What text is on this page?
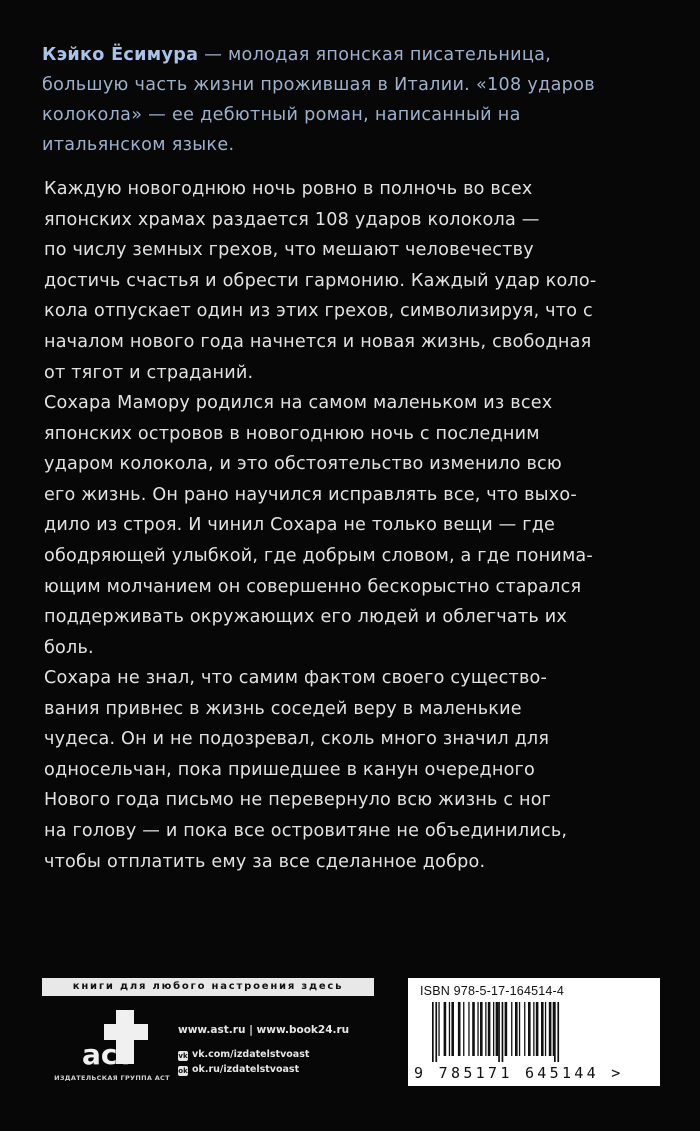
Кэйко Ёсимура — молодая японская писательница,
большую часть жизни прожившая в Италии. «108 ударов
колокола» — ее дебютный роман, написанный на
итальянском языке.
Каждую новогоднюю ночь ровно в полночь во всех
японских храмах раздается 108 ударов колокола —
по числу земных грехов, что мешают человечеству
достичь счастья и обрести гармонию. Каждый удар коло-
кола отпускает один из этих грехов, символизируя, что с
началом нового года начнется и новая жизнь, свободная
от тягот и страданий.
Сохара Мамору родился на самом маленьком из всех
японских островов в новогоднюю ночь с последним
ударом колокола, и это обстоятельство изменило всю
его жизнь. Он рано научился исправлять все, что выхо-
дило из строя. И чинил Сохара не только вещи — где
ободряющей улыбкой, где добрым словом, а где понима-
ющим молчанием он совершенно бескорыстно старался
поддерживать окружающих его людей и облегчать их
боль.
Сохара не знал, что самим фактом своего существо-
вания привнес в жизнь соседей веру в маленькие
чудеса. Он и не подозревал, сколь много значил для
односельчан, пока пришедшее в канун очередного
Нового года письмо не перевернуло всю жизнь с ног
на голову — и пока все островитяне не объединились,
чтобы отплатить ему за все сделанное добро.
книги для любого настроения здесь
аст
ИЗДАТЕЛЬСКАЯ ГРУППА АСТ
www.ast.ru | www.book24.ru
vk vk.com/izdatelstvoast
ok ok.ru/izdatelstvoast
ISBN 978-5-17-164514-4
9 785171 645144 >
